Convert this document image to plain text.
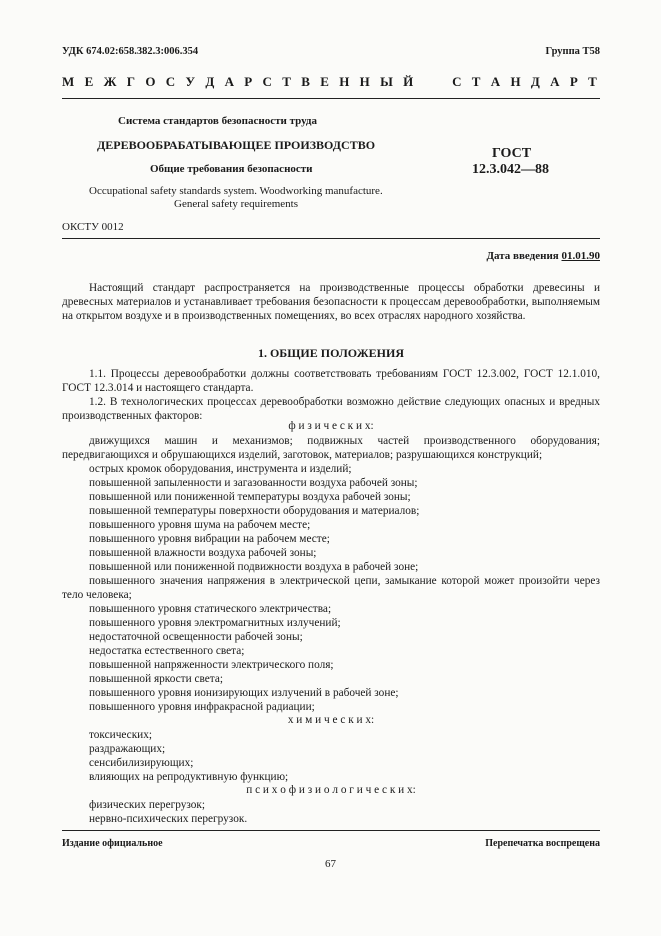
УДК 674.02:658.382.3:006.354	Группа Т58
М Е Ж Г О С У Д А Р С Т В Е Н Н Ы Й     С Т А Н Д А Р Т
Система стандартов безопасности труда
ДЕРЕВООБРАБАТЫВАЮЩЕЕ ПРОИЗВОДСТВО
Общие требования безопасности
Occupational safety standards system. Woodworking manufacture.
General safety requirements
ГОСТ
12.3.042—88
ОКСТУ 0012
Дата введения 01.01.90
Настоящий стандарт распространяется на производственные процессы обработки древесины и древесных материалов и устанавливает требования безопасности к процессам деревообработки, выполняемым на открытом воздухе и в производственных помещениях, во всех отраслях народного хозяйства.
1. ОБЩИЕ ПОЛОЖЕНИЯ
1.1. Процессы деревообработки должны соответствовать требованиям ГОСТ 12.3.002, ГОСТ 12.1.010, ГОСТ 12.3.014 и настоящего стандарта.
1.2. В технологических процессах деревообработки возможно действие следующих опасных и вредных производственных факторов:
ф и з и ч е с к и х:
движущихся машин и механизмов; подвижных частей производственного оборудования; передвигающихся и обрушающихся изделий, заготовок, материалов; разрушающихся конструкций;
острых кромок оборудования, инструмента и изделий;
повышенной запыленности и загазованности воздуха рабочей зоны;
повышенной или пониженной температуры воздуха рабочей зоны;
повышенной температуры поверхности оборудования и материалов;
повышенного уровня шума на рабочем месте;
повышенного уровня вибрации на рабочем месте;
повышенной влажности воздуха рабочей зоны;
повышенной или пониженной подвижности воздуха в рабочей зоне;
повышенного значения напряжения в электрической цепи, замыкание которой может произойти через тело человека;
повышенного уровня статического электричества;
повышенного уровня электромагнитных излучений;
недостаточной освещенности рабочей зоны;
недостатка естественного света;
повышенной напряженности электрического поля;
повышенной яркости света;
повышенного уровня ионизирующих излучений в рабочей зоне;
повышенного уровня инфракрасной радиации;
х и м и ч е с к и х:
токсических;
раздражающих;
сенсибилизирующих;
влияющих на репродуктивную функцию;
п с и х о ф и з и о л о г и ч е с к и х:
физических перегрузок;
нервно-психических перегрузок.
Издание официальное	Перепечатка воспрещена
67
